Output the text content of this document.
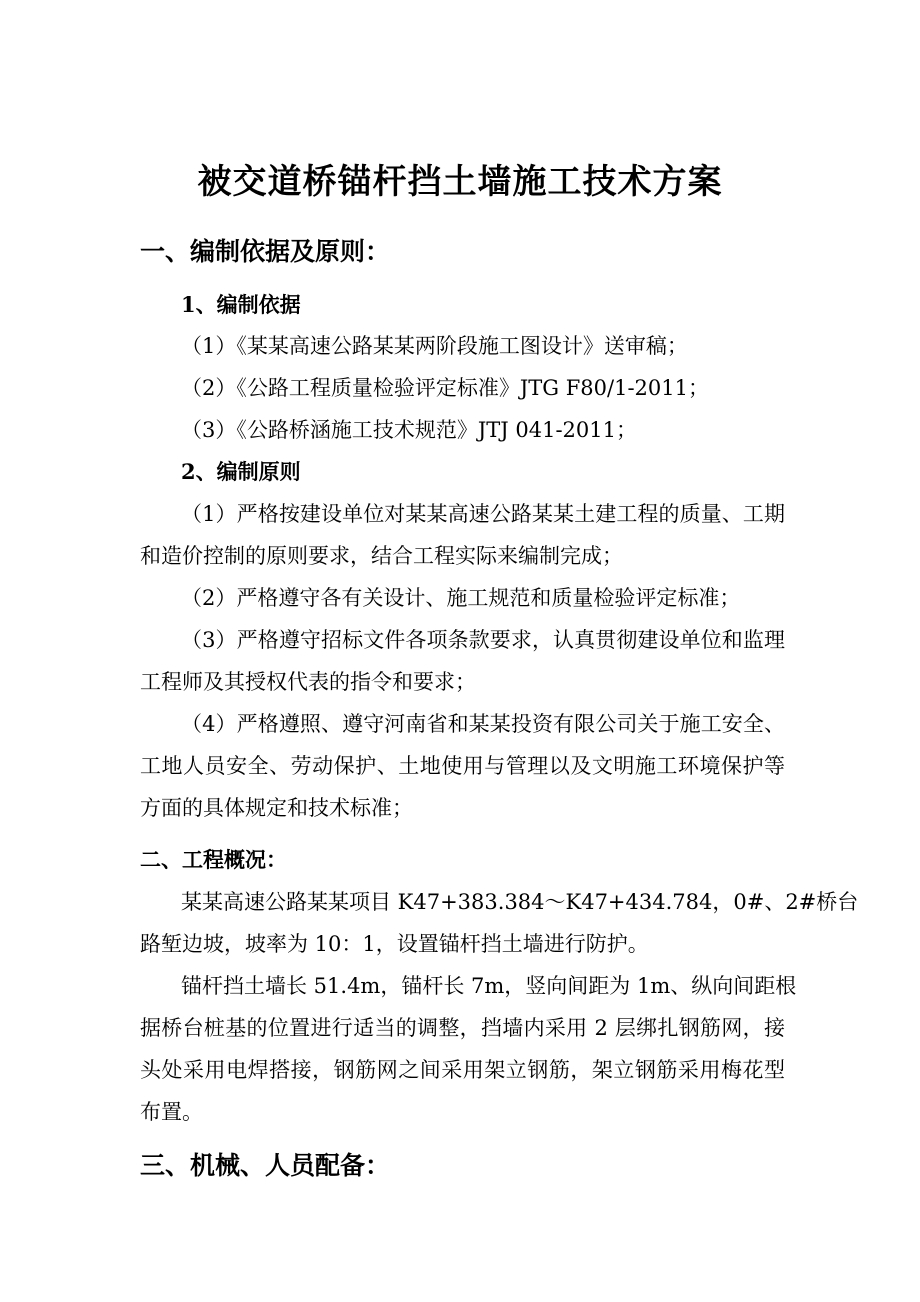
被交道桥锚杆挡土墙施工技术方案
一、编制依据及原则：
1、编制依据
（1）《某某高速公路某某两阶段施工图设计》送审稿；
（2）《公路工程质量检验评定标准》JTG F80/1-2011；
（3）《公路桥涵施工技术规范》JTJ 041-2011；
2、编制原则
（1）严格按建设单位对某某高速公路某某土建工程的质量、工期
和造价控制的原则要求，结合工程实际来编制完成；
（2）严格遵守各有关设计、施工规范和质量检验评定标准；
（3）严格遵守招标文件各项条款要求，认真贯彻建设单位和监理
工程师及其授权代表的指令和要求；
（4）严格遵照、遵守河南省和某某投资有限公司关于施工安全、
工地人员安全、劳动保护、土地使用与管理以及文明施工环境保护等
方面的具体规定和技术标准；
二、工程概况：
某某高速公路某某项目 K47+383.384～K47+434.784，0#、2#桥台
路堑边坡，坡率为 10：1，设置锚杆挡土墙进行防护。
锚杆挡土墙长 51.4m，锚杆长 7m，竖向间距为 1m、纵向间距根
据桥台桩基的位置进行适当的调整，挡墙内采用 2 层绑扎钢筋网，接
头处采用电焊搭接，钢筋网之间采用架立钢筋，架立钢筋采用梅花型
布置。
三、机械、人员配备：
